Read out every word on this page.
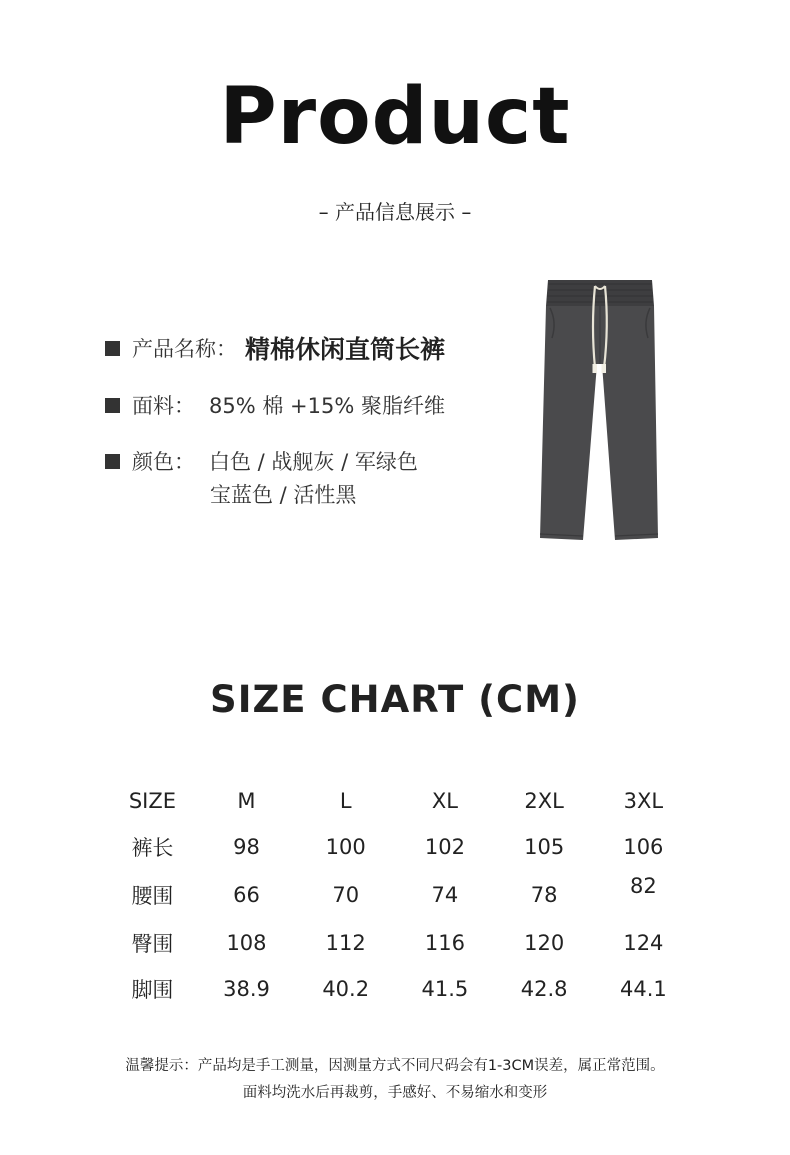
Product
– 产品信息展示 –
产品名称： 精棉休闲直筒长裤
面料： 85% 棉 +15% 聚脂纤维
颜色： 白色 / 战舰灰 / 军绿色
宝蓝色 / 活性黑
SIZE CHART (CM)
SIZE	M	L	XL	2XL	3XL
裤长	98	100	102	105	106
腰围	66	70	74	78	82
臀围	108	112	116	120	124
脚围	38.9	40.2	41.5	42.8	44.1
温馨提示：产品均是手工测量，因测量方式不同尺码会有1-3CM误差，属正常范围。
面料均洗水后再裁剪，手感好、不易缩水和变形
